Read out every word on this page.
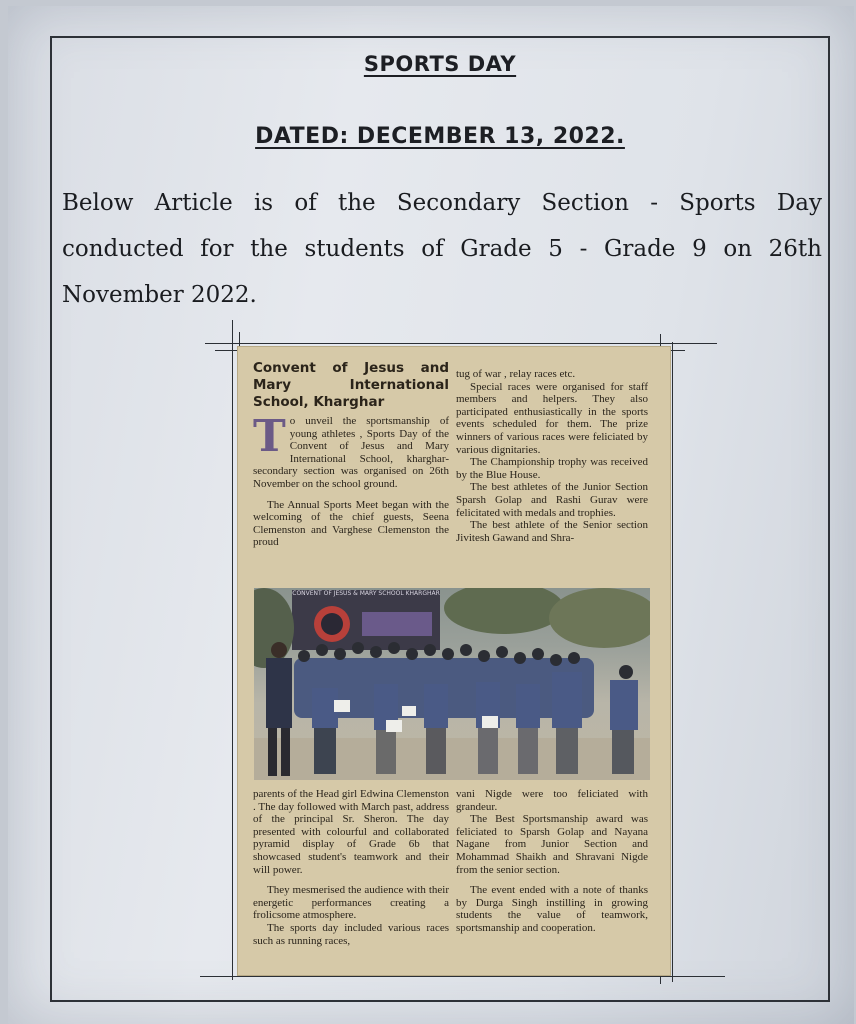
SPORTS DAY
DATED: DECEMBER 13, 2022.
Below Article is of the Secondary Section - Sports Day conducted for the students of Grade 5 - Grade 9 on 26th November 2022.
Convent of Jesus and Mary International School, Kharghar
T o unveil the sportsmanship of young athletes , Sports Day of the Convent of Jesus and Mary International School, kharghar- secondary section was organised on 26th November on the school ground.

The Annual Sports Meet began with the welcoming of the chief guests, Seena Clemenston and Varghese Clemenston the proud

tug of war , relay races etc.

Special races were organised for staff members and helpers. They also participated enthusiastically in the sports events scheduled for them. The prize winners of various races were feliciated by various dignitaries.

The Championship trophy was received by the Blue House.

The best athletes of the Junior Section Sparsh Golap and Rashi Gurav were felicitated with medals and trophies.

The best athlete of the Senior section Jivitesh Gawand and Shra-

CONVENT OF JESUS & MARY SCHOOL KHARGHAR

parents of the Head girl Edwina Clemenston . The day followed with March past, address of the principal Sr. Sheron. The day presented with colourful and collaborated pyramid display of Grade 6b that showcased student's teamwork and their will power.

They mesmerised the audience with their energetic performances creating a frolicsome atmosphere.

The sports day included various races such as running races,

vani Nigde were too feliciated with grandeur.

The Best Sportsmanship award was feliciated to Sparsh Golap and Nayana Nagane from Junior Section and Mohammad Shaikh and Shravani Nigde from the senior section.

The event ended with a note of thanks by Durga Singh instilling in growing students the value of teamwork, sportsmanship and cooperation.
